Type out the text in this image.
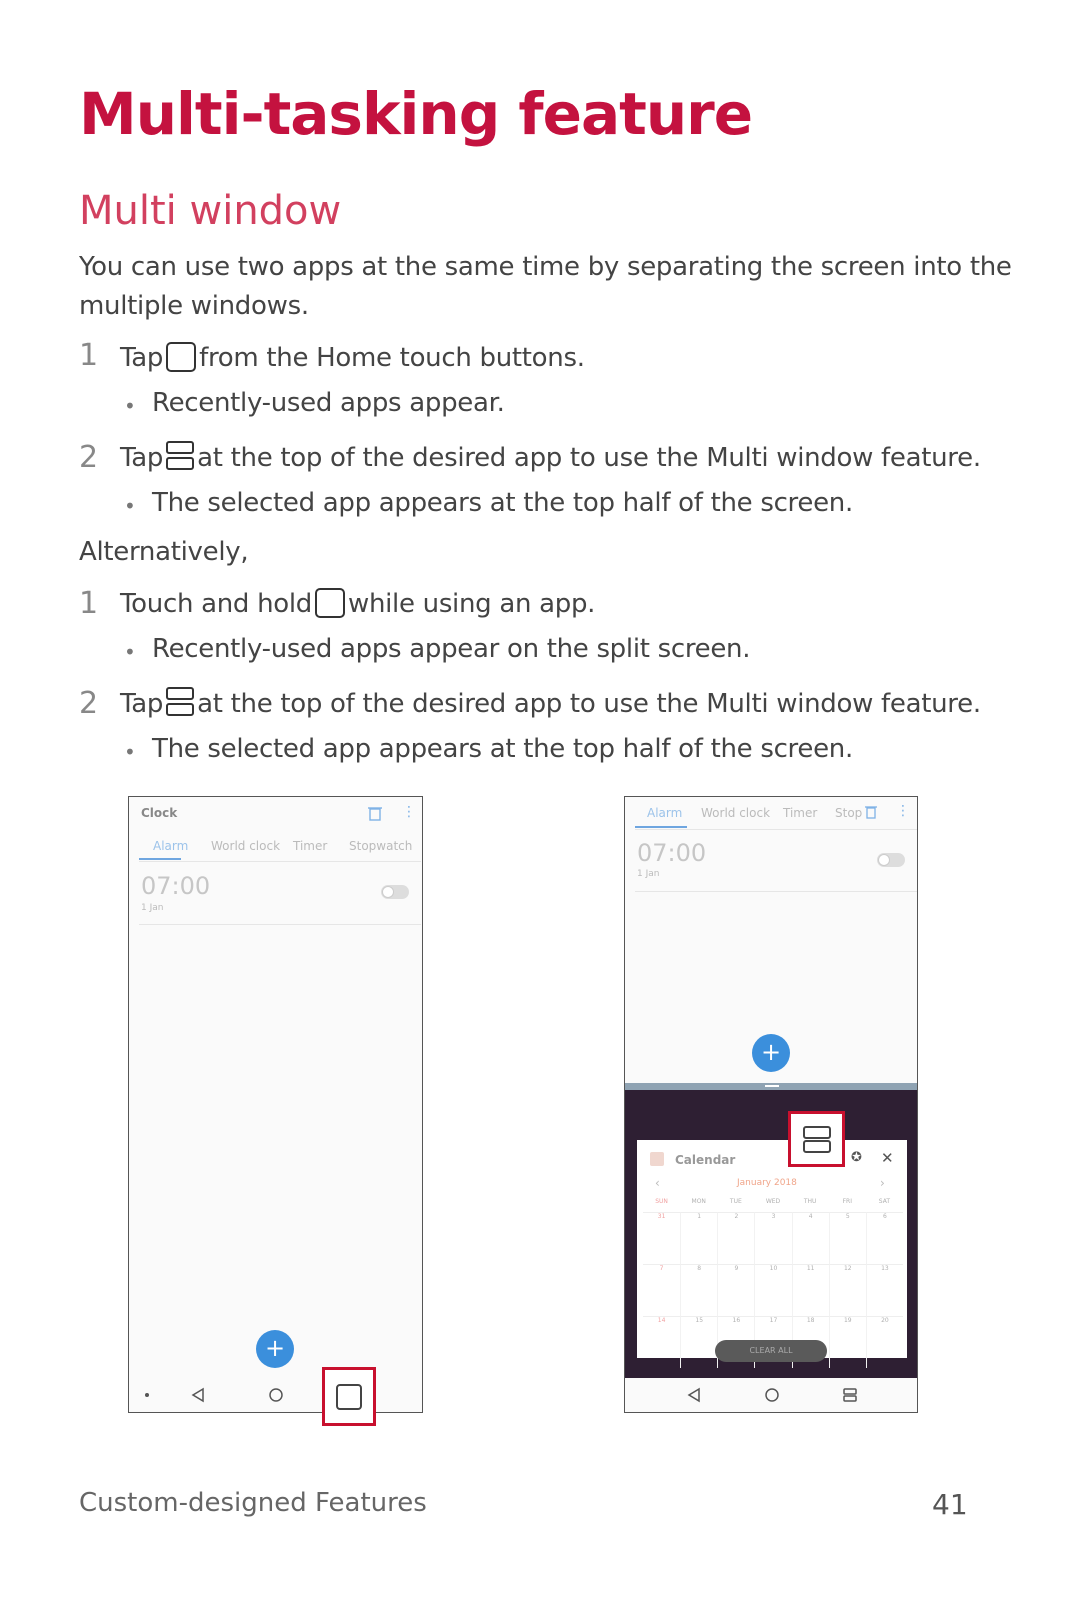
Multi-tasking feature
Multi window
You can use two apps at the same time by separating the screen into the
multiple windows.
1 Tap from the Home touch buttons.
• Recently-used apps appear.
2 Tap at the top of the desired app to use the Multi window feature.
• The selected app appears at the top half of the screen.
Alternatively,
1 Touch and hold while using an app.
• Recently-used apps appear on the split screen.
2 Tap at the top of the desired app to use the Multi window feature.
• The selected app appears at the top half of the screen.
Clock	⋮
Alarm World clock Timer Stopwatch
07:00
1 Jan
+
Alarm World clock Timer Stop ⋮
07:00
1 Jan
+
Calendar	✪ ✕
‹	January 2018	›
SUN	MON	TUE	WED	THU	FRI	SAT
31	1	2	3	4	5	6
7	8	9	10	11	12	13
14	15	16	17	18	19	20
CLEAR ALL
Custom-designed Features	41
